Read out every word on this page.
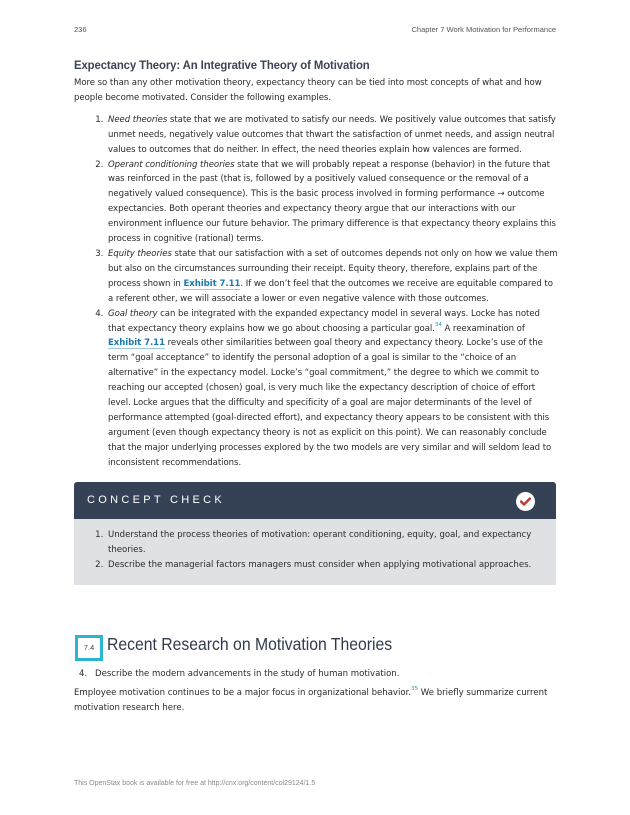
236	Chapter 7 Work Motivation for Performance
Expectancy Theory: An Integrative Theory of Motivation

More so than any other motivation theory, expectancy theory can be tied into most concepts of what and how people become motivated. Consider the following examples.

1. Need theories state that we are motivated to satisfy our needs. We positively value outcomes that satisfy unmet needs, negatively value outcomes that thwart the satisfaction of unmet needs, and assign neutral values to outcomes that do neither. In effect, the need theories explain how valences are formed.
2. Operant conditioning theories state that we will probably repeat a response (behavior) in the future that was reinforced in the past (that is, followed by a positively valued consequence or the removal of a negatively valued consequence). This is the basic process involved in forming performance → outcome expectancies. Both operant theories and expectancy theory argue that our interactions with our environment influence our future behavior. The primary difference is that expectancy theory explains this process in cognitive (rational) terms.
3. Equity theories state that our satisfaction with a set of outcomes depends not only on how we value them but also on the circumstances surrounding their receipt. Equity theory, therefore, explains part of the process shown in Exhibit 7.11. If we don’t feel that the outcomes we receive are equitable compared to a referent other, we will associate a lower or even negative valence with those outcomes.
4. Goal theory can be integrated with the expanded expectancy model in several ways. Locke has noted that expectancy theory explains how we go about choosing a particular goal.$^{34}$ A reexamination of Exhibit 7.11 reveals other similarities between goal theory and expectancy theory. Locke’s use of the term “goal acceptance” to identify the personal adoption of a goal is similar to the “choice of an alternative” in the expectancy model. Locke’s “goal commitment,” the degree to which we commit to reaching our accepted (chosen) goal, is very much like the expectancy description of choice of effort level. Locke argues that the difficulty and specificity of a goal are major determinants of the level of performance attempted (goal-directed effort), and expectancy theory appears to be consistent with this argument (even though expectancy theory is not as explicit on this point). We can reasonably conclude that the major underlying processes explored by the two models are very similar and will seldom lead to inconsistent recommendations.
CONCEPT CHECK
1. Understand the process theories of motivation: operant conditioning, equity, goal, and expectancy theories.
2. Describe the managerial factors managers must consider when applying motivational approaches.
7.4 Recent Research on Motivation Theories
4. Describe the modern advancements in the study of human motivation.

Employee motivation continues to be a major focus in organizational behavior.$^{35}$ We briefly summarize current motivation research here.

This OpenStax book is available for free at http://cnx.org/content/col29124/1.5
